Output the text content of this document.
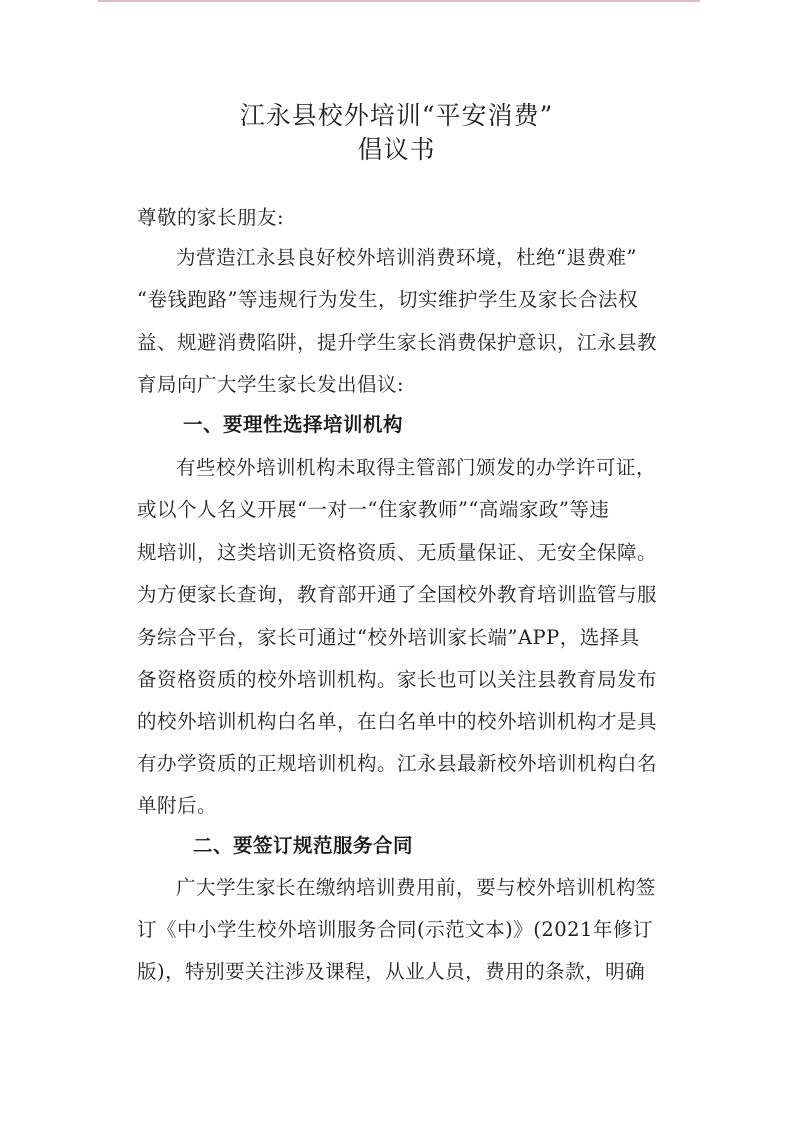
江永县校外培训“平安消费”
倡议书
尊敬的家长朋友:
为营造江永县良好校外培训消费环境，杜绝“退费难”
“卷钱跑路”等违规行为发生，切实维护学生及家长合法权
益、规避消费陷阱，提升学生家长消费保护意识，江永县教
育局向广大学生家长发出倡议:
一、要理性选择培训机构
有些校外培训机构未取得主管部门颁发的办学许可证，
或以个人名义开展“一对一“住家教师”“高端家政”等违
规培训，这类培训无资格资质、无质量保证、无安全保障。
为方便家长查询，教育部开通了全国校外教育培训监管与服
务综合平台，家长可通过“校外培训家长端”APP，选择具
备资格资质的校外培训机构。家长也可以关注县教育局发布
的校外培训机构白名单，在白名单中的校外培训机构才是具
有办学资质的正规培训机构。江永县最新校外培训机构白名
单附后。
二、要签订规范服务合同
广大学生家长在缴纳培训费用前，要与校外培训机构签
订《中小学生校外培训服务合同(示范文本)》(2021年修订
版)，特别要关注涉及课程，从业人员，费用的条款，明确
